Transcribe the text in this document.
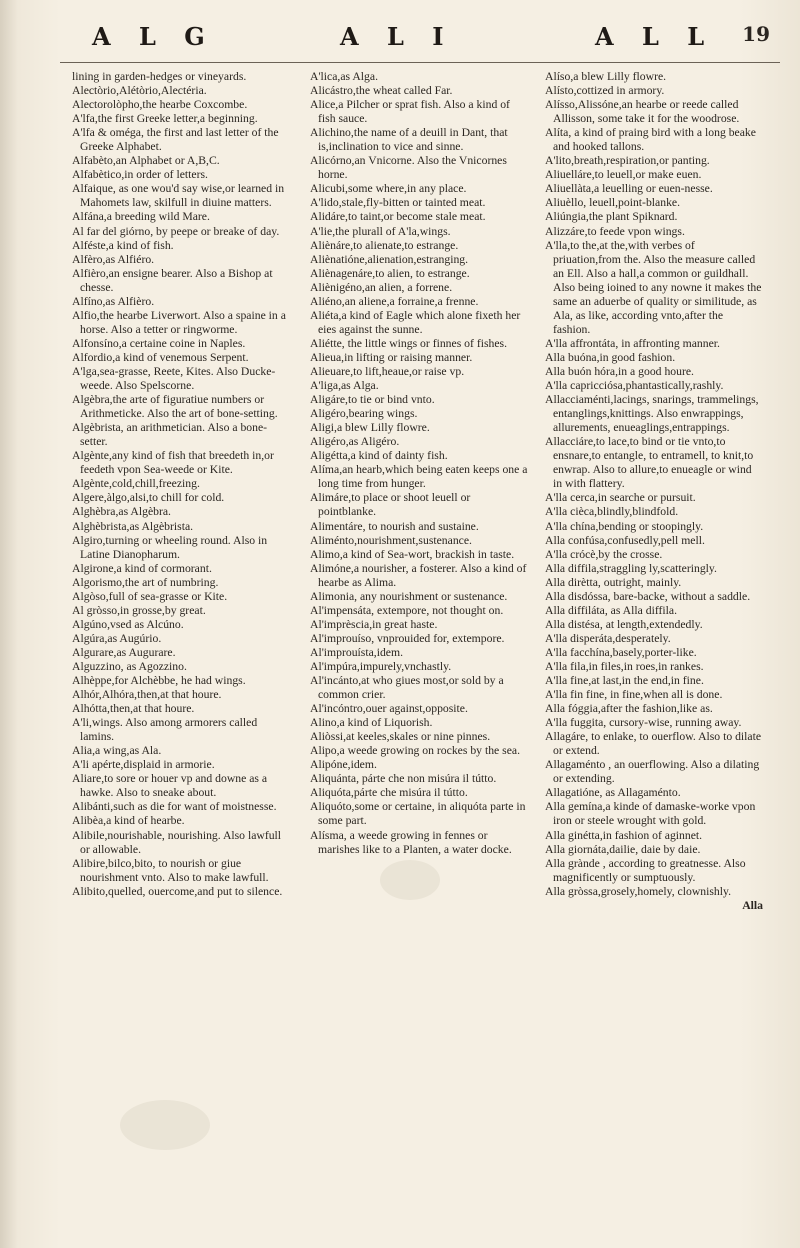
A L G	A L I	A L L 19

lining in garden-hedges or vineyards.

Alectòrio,Alétòrio,Alectéria.

Alectorolòpho,the hearbe Coxcombe.

A'lfa,the first Greeke letter,a beginning.

A'lfa & oméga, the first and last letter of the Greeke Alphabet.

Alfabèto,an Alphabet or A,B,C.

Alfabètico,in order of letters.

Alfaique, as one wou'd say wise,or learned in Mahomets law, skilfull in diuine matters.

Alfána,a breeding wild Mare.

Al far del giórno, by peepe or breake of day.

Alféste,a kind of fish.

Alfèro,as Alfiéro.

Alfièro,an ensigne bearer. Also a Bishop at chesse.

Alfíno,as Alfièro.

Alfio,the hearbe Liverwort. Also a spaine in a horse. Also a tetter or ringworme.

Alfonsíno,a certaine coine in Naples.

Alfordio,a kind of venemous Serpent.

A'lga,sea-grasse, Reete, Kites. Also Ducke-weede. Also Spelscorne.

Algèbra,the arte of figuratiue numbers or Arithmeticke. Also the art of bone-setting.

Algèbrista, an arithmetician. Also a bone-setter.

Algènte,any kind of fish that breedeth in,or feedeth vpon Sea-weede or Kite.

Algènte,cold,chill,freezing.

Algere,àlgo,alsi,to chill for cold.

Alghèbra,as Algèbra.

Alghèbrista,as Algèbrista.

Algiro,turning or wheeling round. Also in Latine Dianopharum.

Algirone,a kind of cormorant.

Algorismo,the art of numbring.

Algòso,full of sea-grasse or Kite.

Al gròsso,in grosse,by great.

Algúno,vsed as Alcúno.

Algúra,as Augúrio.

Algurare,as Augurare.

Alguzzino, as Agozzino.

Alhèppe,for Alchèbbe, he had wings.

Alhór,Alhóra,then,at that houre.

Alhótta,then,at that houre.

A'li,wings. Also among armorers called lamins.

Alia,a wing,as Ala.

A'li apérte,displaid in armorie.

Aliare,to sore or houer vp and downe as a hawke. Also to sneake about.

Alibánti,such as die for want of moistnesse.

Alibèa,a kind of hearbe.

Alibile,nourishable, nourishing. Also lawfull or allowable.

Alibire,bilco,bito, to nourish or giue nourishment vnto. Also to make lawfull.

Alibito,quelled, ouercome,and put to silence.

A'lica,as Alga.

Alicástro,the wheat called Far.

Alice,a Pilcher or sprat fish. Also a kind of fish sauce.

Alichino,the name of a deuill in Dant, that is,inclination to vice and sinne.

Alicórno,an Vnicorne. Also the Vnicornes horne.

Alicubi,some where,in any place.

A'lido,stale,fly-bitten or tainted meat.

Alidáre,to taint,or become stale meat.

A'lie,the plurall of A'la,wings.

Aliènáre,to alienate,to estrange.

Aliènatióne,alienation,estranging.

Aliènagenáre,to alien, to estrange.

Aliènigéno,an alien, a forrene.

Aliéno,an aliene,a forraine,a frenne.

Aliéta,a kind of Eagle which alone fixeth her eies against the sunne.

Aliétte, the little wings or finnes of fishes.

Alieua,in lifting or raising manner.

Alieuare,to lift,heaue,or raise vp.

A'liga,as Alga.

Aligáre,to tie or bind vnto.

Aligéro,bearing wings.

Aligi,a blew Lilly flowre.

Aligéro,as Aligéro.

Aligétta,a kind of dainty fish.

Alíma,an hearb,which being eaten keeps one a long time from hunger.

Alimáre,to place or shoot leuell or pointblanke.

Alimentáre, to nourish and sustaine.

Aliménto,nourishment,sustenance.

Alimo,a kind of Sea-wort, brackish in taste.

Alimóne,a nourisher, a fosterer. Also a kind of hearbe as Alima.

Alimonia, any nourishment or sustenance.

Al'impensáta, extempore, not thought on.

Al'imprèscia,in great haste.

Al'improuíso, vnprouided for, extempore.

Al'improuísta,idem.

Al'impúra,impurely,vnchastly.

Al'incánto,at who giues most,or sold by a common crier.

Al'incóntro,ouer against,opposite.

Alino,a kind of Liquorish.

Aliòssi,at keeles,skales or nine pinnes.

Alipo,a weede growing on rockes by the sea.

Alipóne,idem.

Aliquánta, párte che non misúra il tútto.

Aliquóta,párte che misúra il tútto.

Aliquóto,some or certaine, in aliquóta parte in some part.

Alísma, a weede growing in fennes or marishes like to a Planten, a water docke.

Alíso,a blew Lilly flowre.

Alísto,cottized in armory.

Alísso,Alissóne,an hearbe or reede called Allisson, some take it for the woodrose.

Alíta, a kind of praing bird with a long beake and hooked tallons.

A'lito,breath,respiration,or panting.

Aliuelláre,to leuell,or make euen.

Aliuellàta,a leuelling or euen-nesse.

Aliuèllo, leuell,point-blanke.

Aliúngia,the plant Spiknard.

Alizzáre,to feede vpon wings.

A'lla,to the,at the,with verbes of priuation,from the. Also the measure called an Ell. Also a hall,a common or guildhall. Also being ioined to any nowne it makes the same an aduerbe of quality or similitude, as Ala, as like, according vnto,after the fashion.

A'lla affrontáta, in affronting manner.

Alla buóna,in good fashion.

Alla buón hóra,in a good houre.

A'lla capricciósa,phantastically,rashly.

Allacciaménti,lacings, snarings, trammelings, entanglings,knittings. Also enwrappings, allurements, enueaglings,entrappings.

Allacciáre,to lace,to bind or tie vnto,to ensnare,to entangle, to entramell, to knit,to enwrap. Also to allure,to enueagle or wind in with flattery.

A'lla cerca,in searche or pursuit.

A'lla cièca,blindly,blindfold.

A'lla chína,bending or stoopingly.

Alla confúsa,confusedly,pell mell.

A'lla crócè,by the crosse.

Alla diffila,straggling ly,scatteringly.

Alla dirètta, outright, mainly.

Alla disdóssa, bare-backe, without a saddle.

Alla diffiláta, as Alla diffila.

Alla distésa, at length,extendedly.

A'lla disperáta,desperately.

A'lla facchína,basely,porter-like.

A'lla fila,in files,in roes,in rankes.

A'lla fine,at last,in the end,in fine.

A'lla fin fine, in fine,when all is done.

Alla fóggia,after the fashion,like as.

A'lla fuggita, cursory-wise, running away.

Allagáre, to enlake, to ouerflow. Also to dilate or extend.

Allagaménto , an ouerflowing. Also a dilating or extending.

Allagatióne, as Allagaménto.

Alla gemína,a kinde of damaske-worke vpon iron or steele wrought with gold.

Alla ginétta,in fashion of aginnet.

Alla giornáta,dailie, daie by daie.

Alla grànde , according to greatnesse. Also magnificently or sumptuously.

Alla gròssa,grosely,homely, clownishly.

Alla
